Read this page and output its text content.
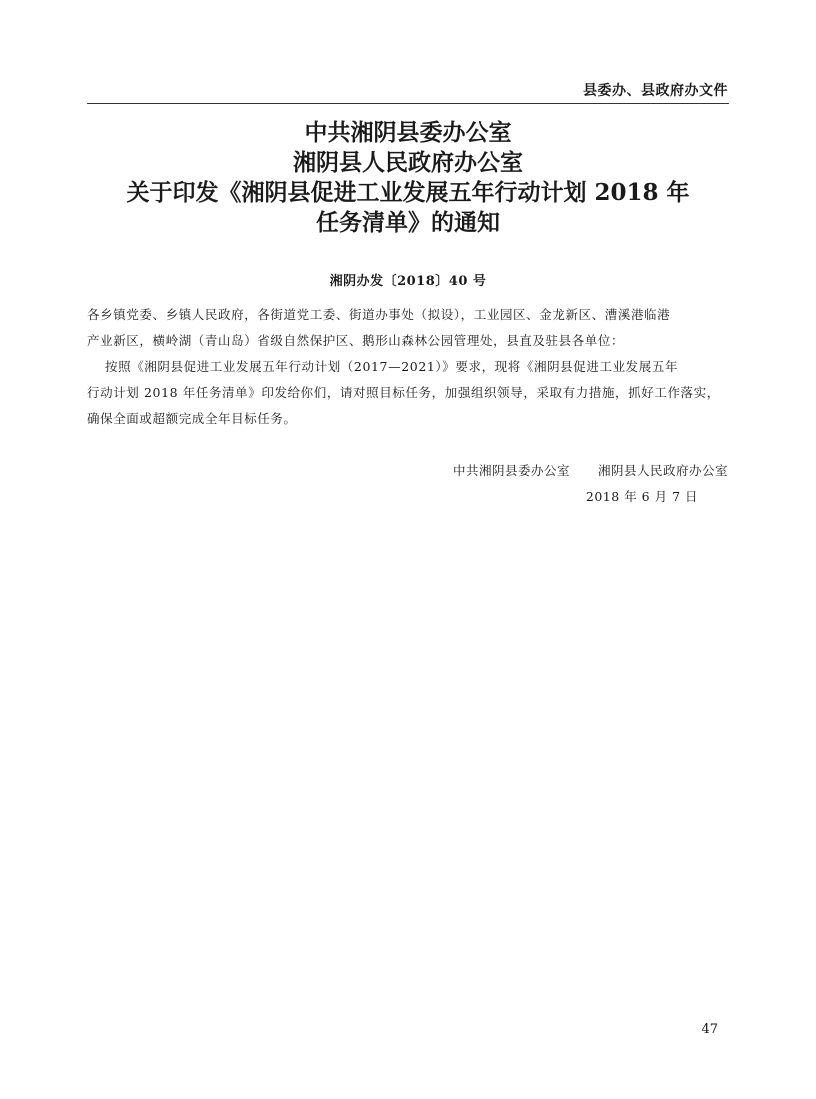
县委办、县政府办文件
中共湘阴县委办公室
湘阴县人民政府办公室
关于印发《湘阴县促进工业发展五年行动计划 2018 年
任务清单》的通知
湘阴办发〔2018〕40 号
各乡镇党委、乡镇人民政府，各街道党工委、街道办事处（拟设），工业园区、金龙新区、漕溪港临港
产业新区，横岭湖（青山岛）省级自然保护区、鹅形山森林公园管理处，县直及驻县各单位：
按照《湘阴县促进工业发展五年行动计划（2017—2021）》要求，现将《湘阴县促进工业发展五年
行动计划 2018 年任务清单》印发给你们，请对照目标任务，加强组织领导，采取有力措施，抓好工作落实，
确保全面或超额完成全年目标任务。
中共湘阴县委办公室 湘阴县人民政府办公室
2018 年 6 月 7 日
47
